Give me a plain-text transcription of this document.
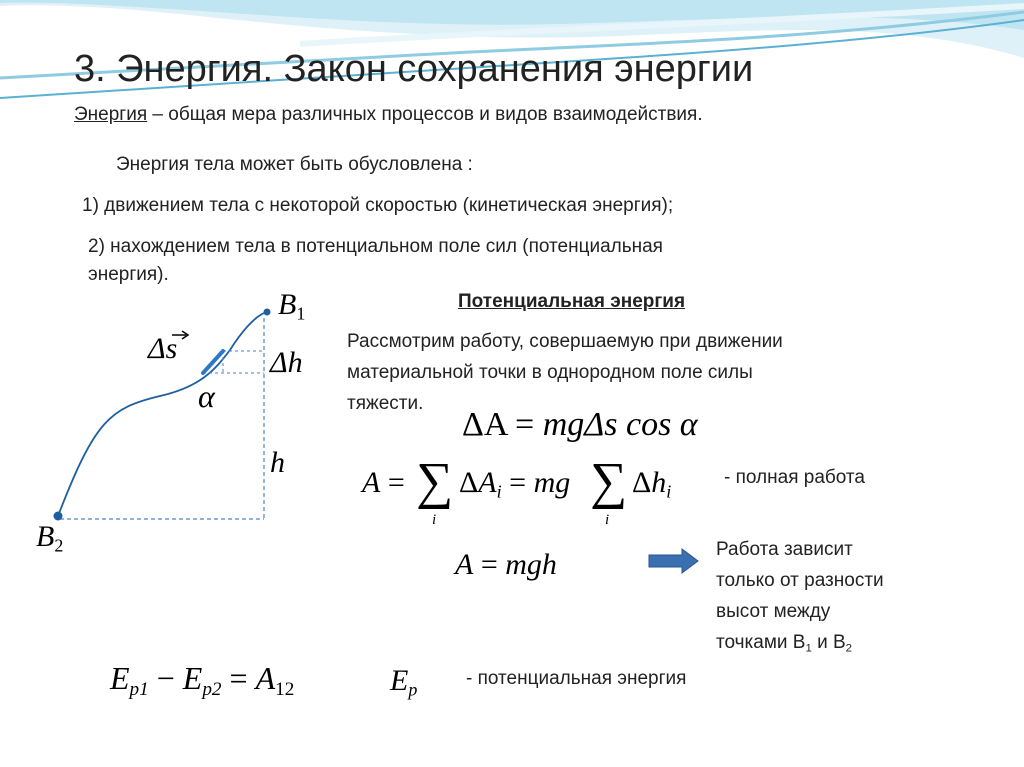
3. Энергия. Закон сохранения энергии
Энергия – общая мера различных процессов и видов взаимодействия.
Энергия тела может быть обусловлена :
1) движением тела с некоторой скоростью (кинетическая энергия);
2) нахождением тела в потенциальном поле сил (потенциальная
энергия).
Потенциальная энергия
Рассмотрим работу, совершаемую при движении
материальной точки в однородном поле силы
тяжести.
$B_1$
$B_2$
Δs	Δh
α
h
ΔA = mgΔs cos α
A = ∑
i
$\Delta A_i$ = mg ∑
i
$\Delta h_i$
- полная работа
A = mgh	Работа зависит
только от разности
высот между
точками $B_1$ и $B_2$
$E_{p1} - E_{p2} = A_{12}$	$E_p$
- потенциальная энергия
